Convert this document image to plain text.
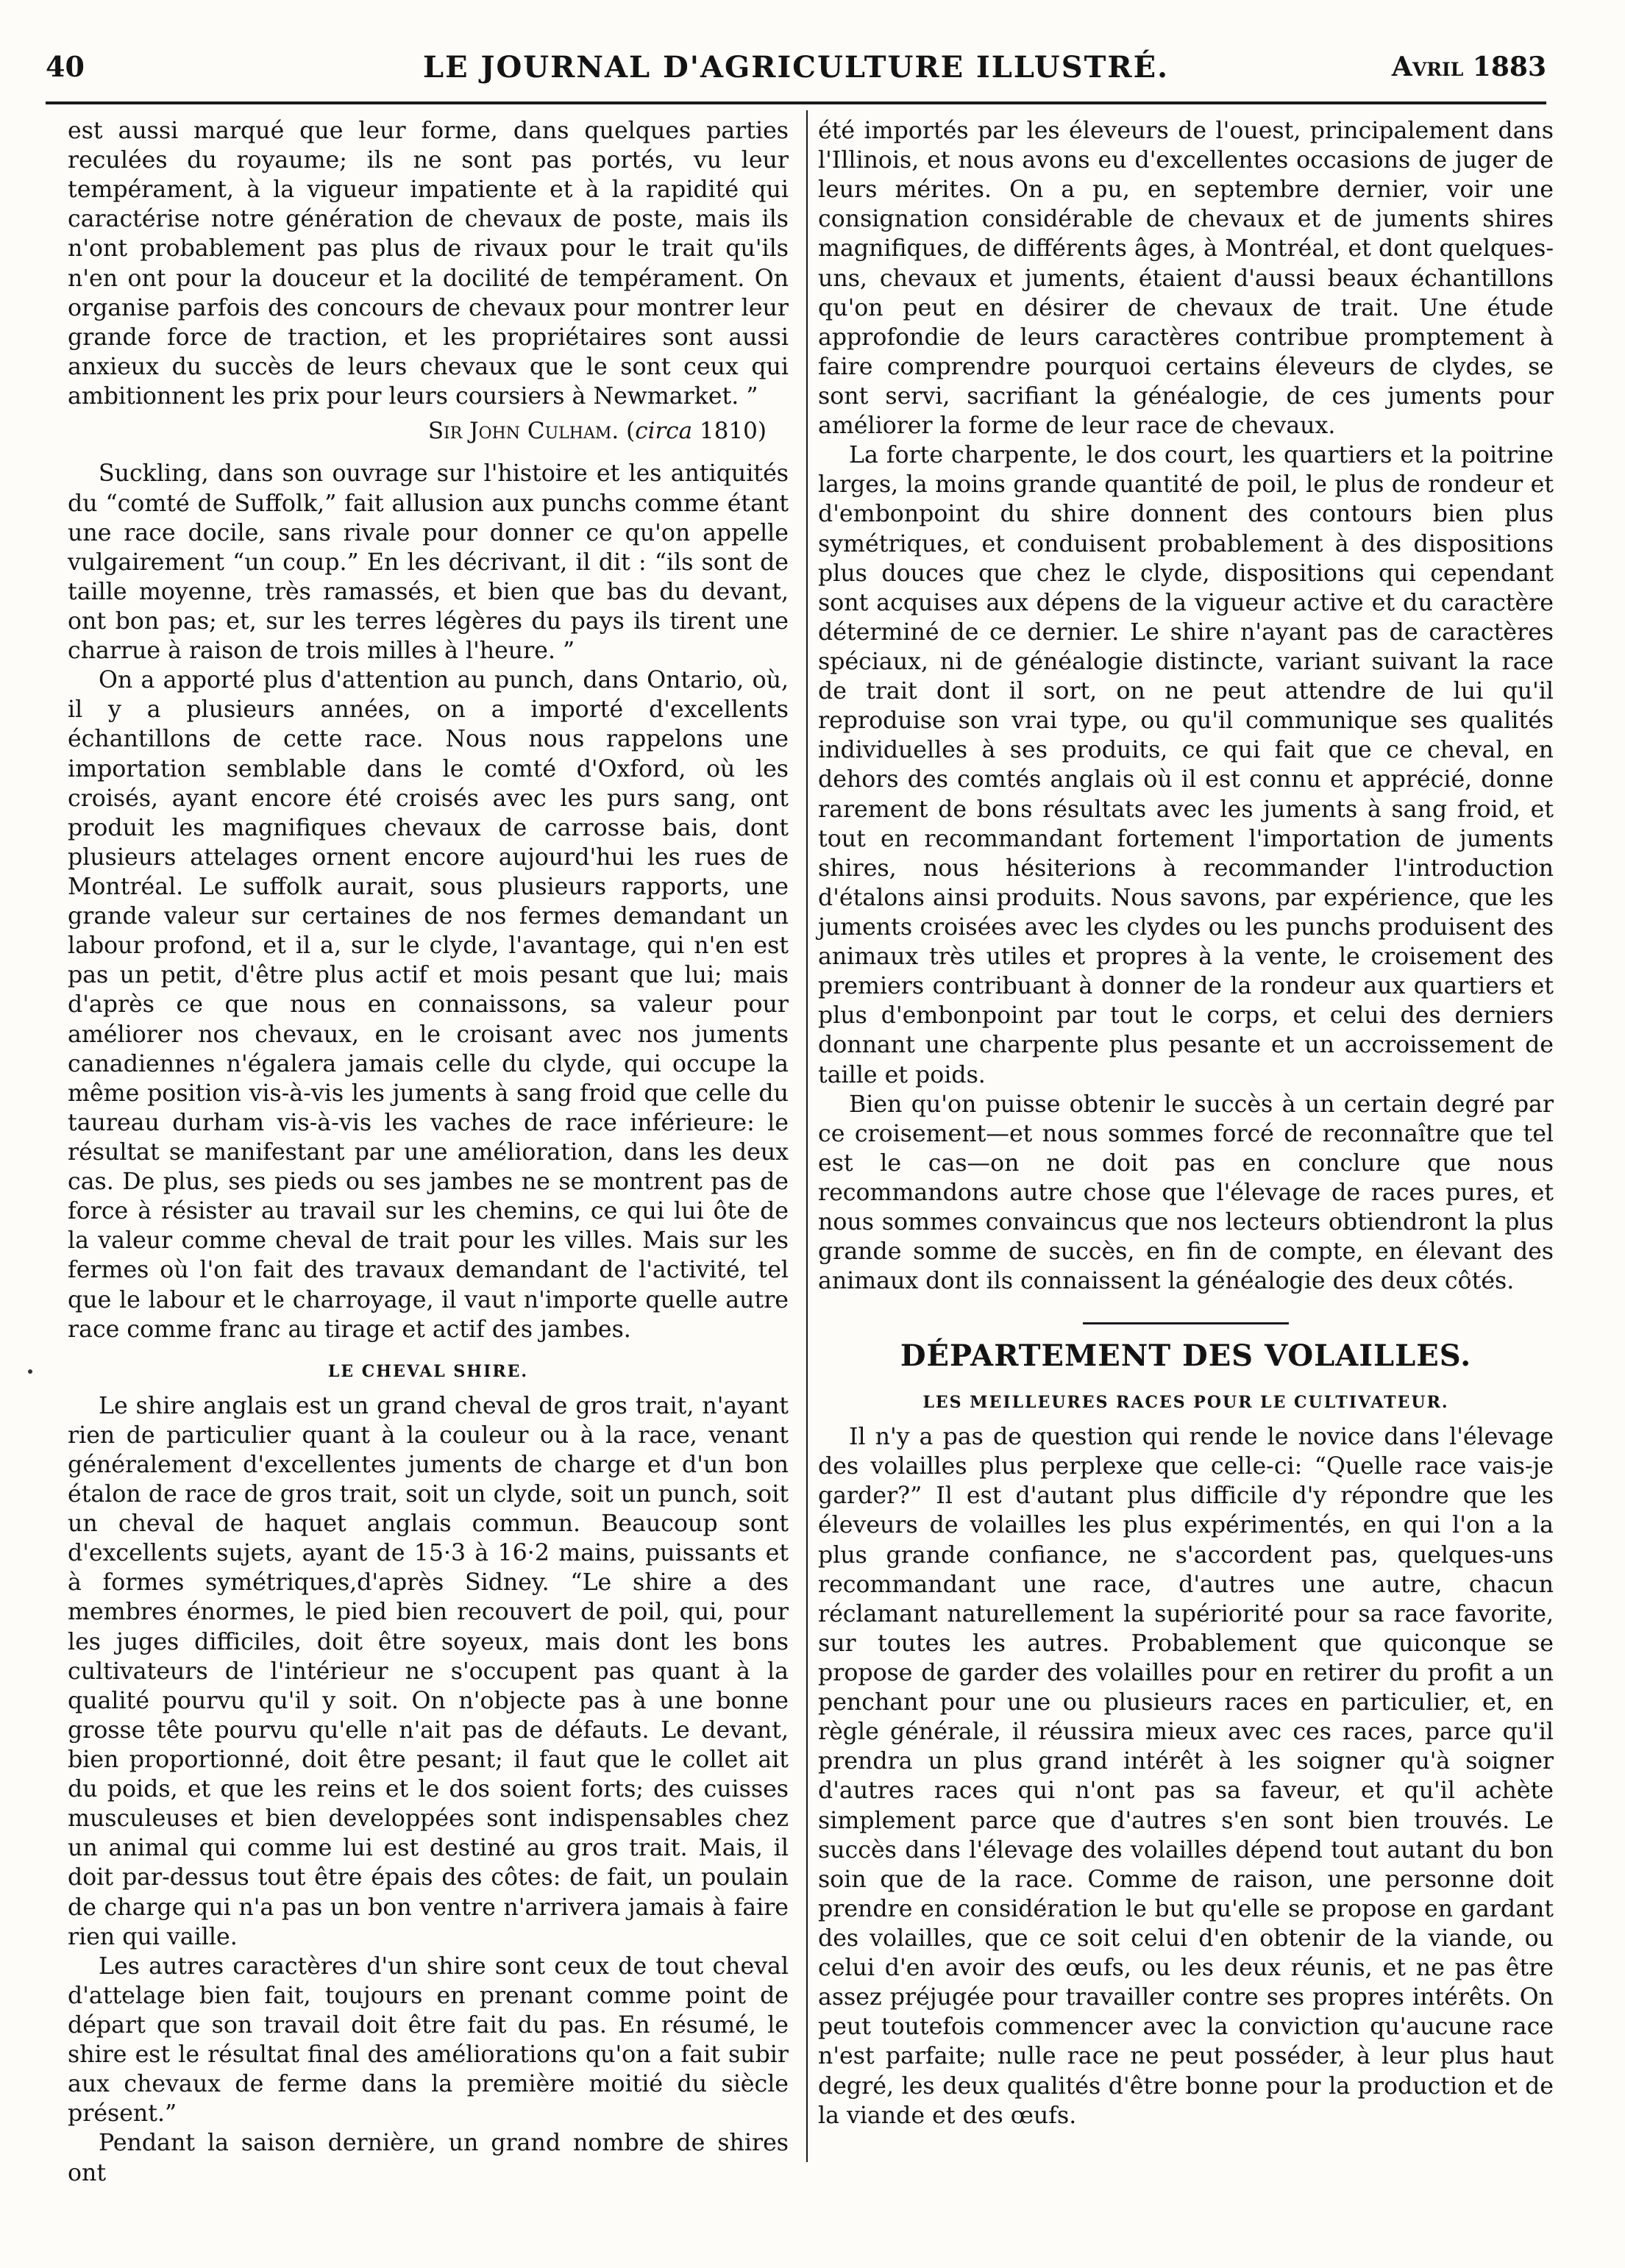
40	LE JOURNAL D'AGRICULTURE ILLUSTRÉ.	Avril 1883

est aussi marqué que leur forme, dans quelques parties reculées du royaume; ils ne sont pas portés, vu leur tempérament, à la vigueur impatiente et à la rapidité qui caractérise notre génération de chevaux de poste, mais ils n'ont probablement pas plus de rivaux pour le trait qu'ils n'en ont pour la douceur et la docilité de tempérament. On organise parfois des concours de chevaux pour montrer leur grande force de traction, et les propriétaires sont aussi anxieux du succès de leurs chevaux que le sont ceux qui ambitionnent les prix pour leurs coursiers à Newmarket. ”

Sir John Culham. (circa 1810)

Suckling, dans son ouvrage sur l'histoire et les antiquités du “comté de Suffolk,” fait allusion aux punchs comme étant une race docile, sans rivale pour donner ce qu'on appelle vulgairement “un coup.” En les décrivant, il dit : “ils sont de taille moyenne, très ramassés, et bien que bas du devant, ont bon pas; et, sur les terres légères du pays ils tirent une charrue à raison de trois milles à l'heure. ”

On a apporté plus d'attention au punch, dans Ontario, où, il y a plusieurs années, on a importé d'excellents échantillons de cette race. Nous nous rappelons une importation semblable dans le comté d'Oxford, où les croisés, ayant encore été croisés avec les purs sang, ont produit les magnifiques chevaux de carrosse bais, dont plusieurs attelages ornent encore aujourd'hui les rues de Montréal. Le suffolk aurait, sous plusieurs rapports, une grande valeur sur certaines de nos fermes demandant un labour profond, et il a, sur le clyde, l'avantage, qui n'en est pas un petit, d'être plus actif et mois pesant que lui; mais d'après ce que nous en connaissons, sa valeur pour améliorer nos chevaux, en le croisant avec nos juments canadiennes n'égalera jamais celle du clyde, qui occupe la même position vis-à-vis les juments à sang froid que celle du taureau durham vis-à-vis les vaches de race inférieure: le résultat se manifestant par une amélioration, dans les deux cas. De plus, ses pieds ou ses jambes ne se montrent pas de force à résister au travail sur les chemins, ce qui lui ôte de la valeur comme cheval de trait pour les villes. Mais sur les fermes où l'on fait des travaux demandant de l'activité, tel que le labour et le charroyage, il vaut n'importe quelle autre race comme franc au tirage et actif des jambes.

LE CHEVAL SHIRE.

Le shire anglais est un grand cheval de gros trait, n'ayant rien de particulier quant à la couleur ou à la race, venant généralement d'excellentes juments de charge et d'un bon étalon de race de gros trait, soit un clyde, soit un punch, soit un cheval de haquet anglais commun. Beaucoup sont d'excellents sujets, ayant de 15·3 à 16·2 mains, puissants et à formes symétriques,d'après Sidney. “Le shire a des membres énormes, le pied bien recouvert de poil, qui, pour les juges difficiles, doit être soyeux, mais dont les bons cultivateurs de l'intérieur ne s'occupent pas quant à la qualité pourvu qu'il y soit. On n'objecte pas à une bonne grosse tête pourvu qu'elle n'ait pas de défauts. Le devant, bien proportionné, doit être pesant; il faut que le collet ait du poids, et que les reins et le dos soient forts; des cuisses musculeuses et bien developpées sont indispensables chez un animal qui comme lui est destiné au gros trait. Mais, il doit par-dessus tout être épais des côtes: de fait, un poulain de charge qui n'a pas un bon ventre n'arrivera jamais à faire rien qui vaille.

Les autres caractères d'un shire sont ceux de tout cheval d'attelage bien fait, toujours en prenant comme point de départ que son travail doit être fait du pas. En résumé, le shire est le résultat final des améliorations qu'on a fait subir aux chevaux de ferme dans la première moitié du siècle présent.”

Pendant la saison dernière, un grand nombre de shires ont

été importés par les éleveurs de l'ouest, principalement dans l'Illinois, et nous avons eu d'excellentes occasions de juger de leurs mérites. On a pu, en septembre dernier, voir une consignation considérable de chevaux et de juments shires magnifiques, de différents âges, à Montréal, et dont quelques-uns, chevaux et juments, étaient d'aussi beaux échantillons qu'on peut en désirer de chevaux de trait. Une étude approfondie de leurs caractères contribue promptement à faire comprendre pourquoi certains éleveurs de clydes, se sont servi, sacrifiant la généalogie, de ces juments pour améliorer la forme de leur race de chevaux.

La forte charpente, le dos court, les quartiers et la poitrine larges, la moins grande quantité de poil, le plus de rondeur et d'embonpoint du shire donnent des contours bien plus symétriques, et conduisent probablement à des dispositions plus douces que chez le clyde, dispositions qui cependant sont acquises aux dépens de la vigueur active et du caractère déterminé de ce dernier. Le shire n'ayant pas de caractères spéciaux, ni de généalogie distincte, variant suivant la race de trait dont il sort, on ne peut attendre de lui qu'il reproduise son vrai type, ou qu'il communique ses qualités individuelles à ses produits, ce qui fait que ce cheval, en dehors des comtés anglais où il est connu et apprécié, donne rarement de bons résultats avec les juments à sang froid, et tout en recommandant fortement l'importation de juments shires, nous hésiterions à recommander l'introduction d'étalons ainsi produits. Nous savons, par expérience, que les juments croisées avec les clydes ou les punchs produisent des animaux très utiles et propres à la vente, le croisement des premiers contribuant à donner de la rondeur aux quartiers et plus d'embonpoint par tout le corps, et celui des derniers donnant une charpente plus pesante et un accroissement de taille et poids.

Bien qu'on puisse obtenir le succès à un certain degré par ce croisement—et nous sommes forcé de reconnaître que tel est le cas—on ne doit pas en conclure que nous recommandons autre chose que l'élevage de races pures, et nous sommes convaincus que nos lecteurs obtiendront la plus grande somme de succès, en fin de compte, en élevant des animaux dont ils connaissent la généalogie des deux côtés.

DÉPARTEMENT DES VOLAILLES.
LES MEILLEURES RACES POUR LE CULTIVATEUR.

Il n'y a pas de question qui rende le novice dans l'élevage des volailles plus perplexe que celle-ci: “Quelle race vais-je garder?” Il est d'autant plus difficile d'y répondre que les éleveurs de volailles les plus expérimentés, en qui l'on a la plus grande confiance, ne s'accordent pas, quelques-uns recommandant une race, d'autres une autre, chacun réclamant naturellement la supériorité pour sa race favorite, sur toutes les autres. Probablement que quiconque se propose de garder des volailles pour en retirer du profit a un penchant pour une ou plusieurs races en particulier, et, en règle générale, il réussira mieux avec ces races, parce qu'il prendra un plus grand intérêt à les soigner qu'à soigner d'autres races qui n'ont pas sa faveur, et qu'il achète simplement parce que d'autres s'en sont bien trouvés. Le succès dans l'élevage des volailles dépend tout autant du bon soin que de la race. Comme de raison, une personne doit prendre en considération le but qu'elle se propose en gardant des volailles, que ce soit celui d'en obtenir de la viande, ou celui d'en avoir des œufs, ou les deux réunis, et ne pas être assez préjugée pour travailler contre ses propres intérêts. On peut toutefois commencer avec la conviction qu'aucune race n'est parfaite; nulle race ne peut posséder, à leur plus haut degré, les deux qualités d'être bonne pour la production et de la viande et des œufs.
